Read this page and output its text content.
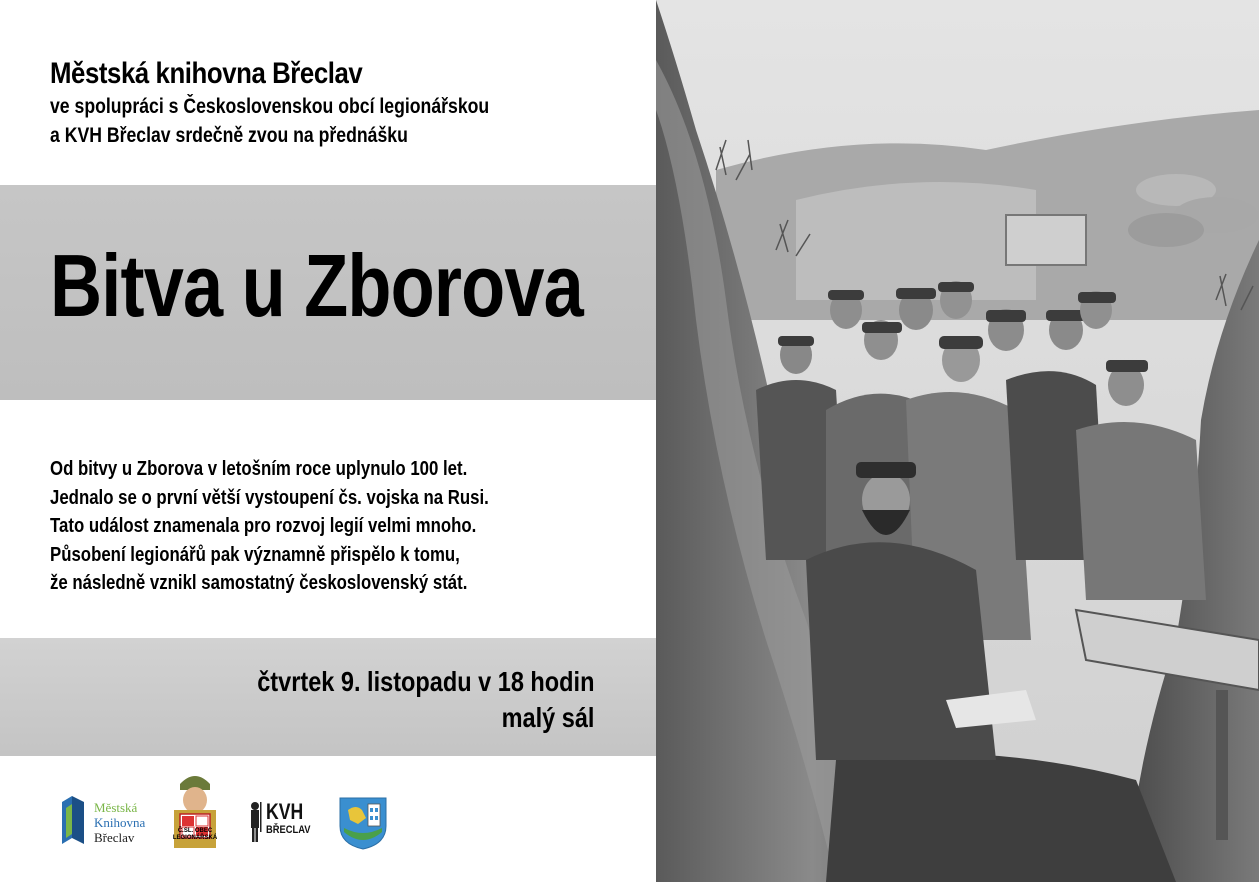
Městská knihovna Břeclav
ve spolupráci s Československou obcí legionářskou
a KVH Břeclav srdečně zvou na přednášku
Bitva u Zborova
Od bitvy u Zborova v letošním roce uplynulo 100 let.
Jednalo se o první větší vystoupení čs. vojska na Rusi.
Tato událost znamenala pro rozvoj legií velmi mnoho.
Působení legionářů pak významně přispělo k tomu,
že následně vznikl samostatný československý stát.
čtvrtek 9. listopadu v 18 hodin
malý sál
Městská
Knihovna
Břeclav	Č.SL. OBEC
LEGIONÁŘSKÁ
KVH
BŘECLAV
